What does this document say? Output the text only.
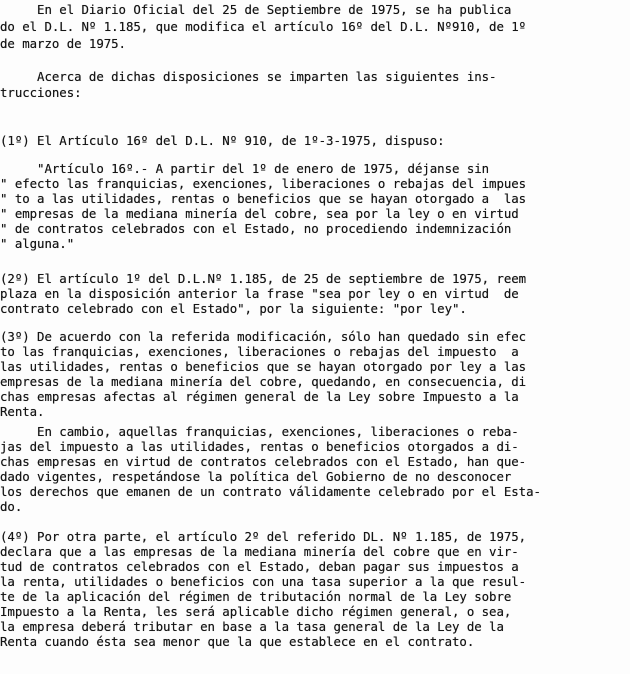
En el Diario Oficial del 25 de Septiembre de 1975, se ha publica
do el D.L. Nº 1.185, que modifica el artículo 16º del D.L. Nº910, de 1º
de marzo de 1975.
Acerca de dichas disposiciones se imparten las siguientes ins-
trucciones:
(1º) El Artículo 16º del D.L. Nº 910, de 1º-3-1975, dispuso:
"Artículo 16º.- A partir del 1º de enero de 1975, déjanse sin
" efecto las franquicias, exenciones, liberaciones o rebajas del impues
" to a las utilidades, rentas o beneficios que se hayan otorgado a  las
" empresas de la mediana minería del cobre, sea por la ley o en virtud
" de contratos celebrados con el Estado, no procediendo indemnización
" alguna."
(2º) El artículo 1º del D.L.Nº 1.185, de 25 de septiembre de 1975, reem
plaza en la disposición anterior la frase "sea por ley o en virtud  de
contrato celebrado con el Estado", por la siguiente: "por ley".
(3º) De acuerdo con la referida modificación, sólo han quedado sin efec
to las franquicias, exenciones, liberaciones o rebajas del impuesto  a
las utilidades, rentas o beneficios que se hayan otorgado por ley a las
empresas de la mediana minería del cobre, quedando, en consecuencia, di
chas empresas afectas al régimen general de la Ley sobre Impuesto a la
Renta.
En cambio, aquellas franquicias, exenciones, liberaciones o reba-
jas del impuesto a las utilidades, rentas o beneficios otorgados a di-
chas empresas en virtud de contratos celebrados con el Estado, han que-
dado vigentes, respetándose la política del Gobierno de no desconocer
los derechos que emanen de un contrato válidamente celebrado por el Esta-
do.
(4º) Por otra parte, el artículo 2º del referido DL. Nº 1.185, de 1975,
declara que a las empresas de la mediana minería del cobre que en vir-
tud de contratos celebrados con el Estado, deban pagar sus impuestos a
la renta, utilidades o beneficios con una tasa superior a la que resul-
te de la aplicación del régimen de tributación normal de la Ley sobre
Impuesto a la Renta, les será aplicable dicho régimen general, o sea,
la empresa deberá tributar en base a la tasa general de la Ley de la
Renta cuando ésta sea menor que la que establece en el contrato.
